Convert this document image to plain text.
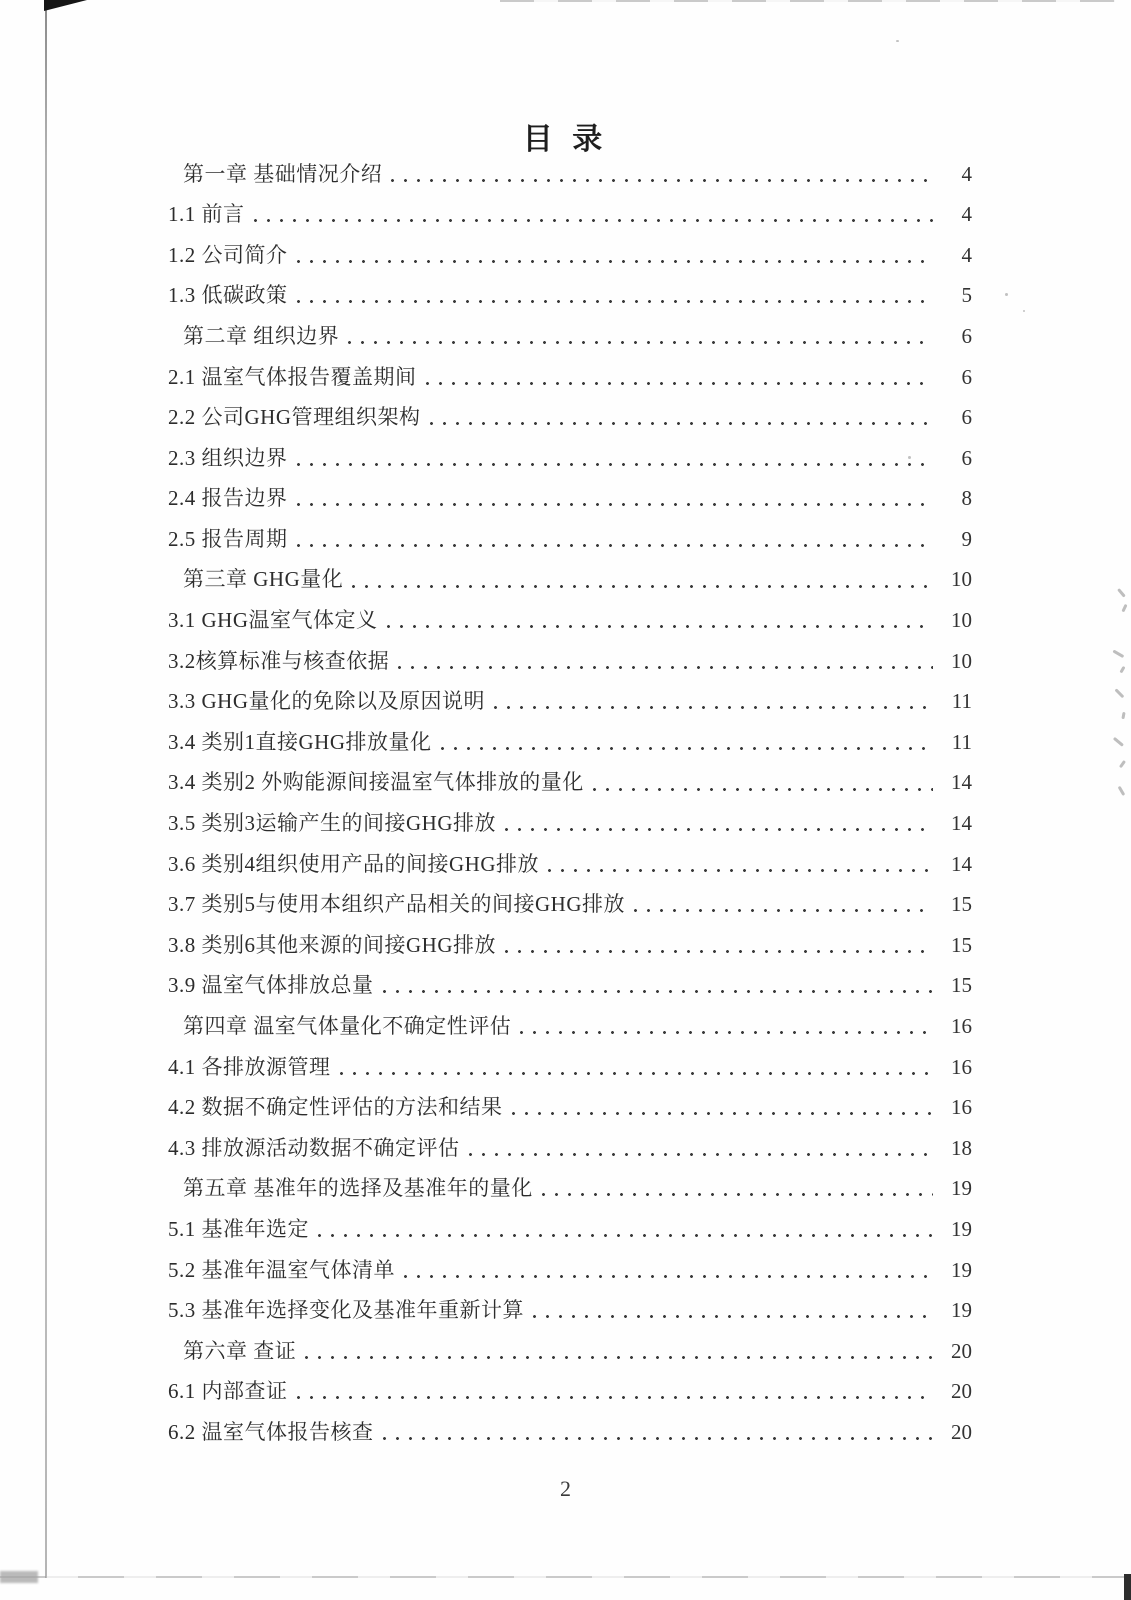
目 录
第一章 基础情况介绍	4
1.1 前言	4
1.2 公司简介	4
1.3 低碳政策	5
第二章 组织边界	6
2.1 温室气体报告覆盖期间	6
2.2 公司GHG管理组织架构	6
2.3 组织边界	6
2.4 报告边界	8
2.5 报告周期	9
第三章 GHG量化	10
3.1 GHG温室气体定义	10
3.2核算标准与核查依据	10
3.3 GHG量化的免除以及原因说明	11
3.4 类别1直接GHG排放量化	11
3.4 类别2 外购能源间接温室气体排放的量化	14
3.5 类别3运输产生的间接GHG排放	14
3.6 类别4组织使用产品的间接GHG排放	14
3.7 类别5与使用本组织产品相关的间接GHG排放	15
3.8 类别6其他来源的间接GHG排放	15
3.9 温室气体排放总量	15
第四章 温室气体量化不确定性评估	16
4.1 各排放源管理	16
4.2 数据不确定性评估的方法和结果	16
4.3 排放源活动数据不确定评估	18
第五章 基准年的选择及基准年的量化	19
5.1 基准年选定	19
5.2 基准年温室气体清单	19
5.3 基准年选择变化及基准年重新计算	19
第六章 查证	20
6.1 内部查证	20
6.2 温室气体报告核查	20
2
